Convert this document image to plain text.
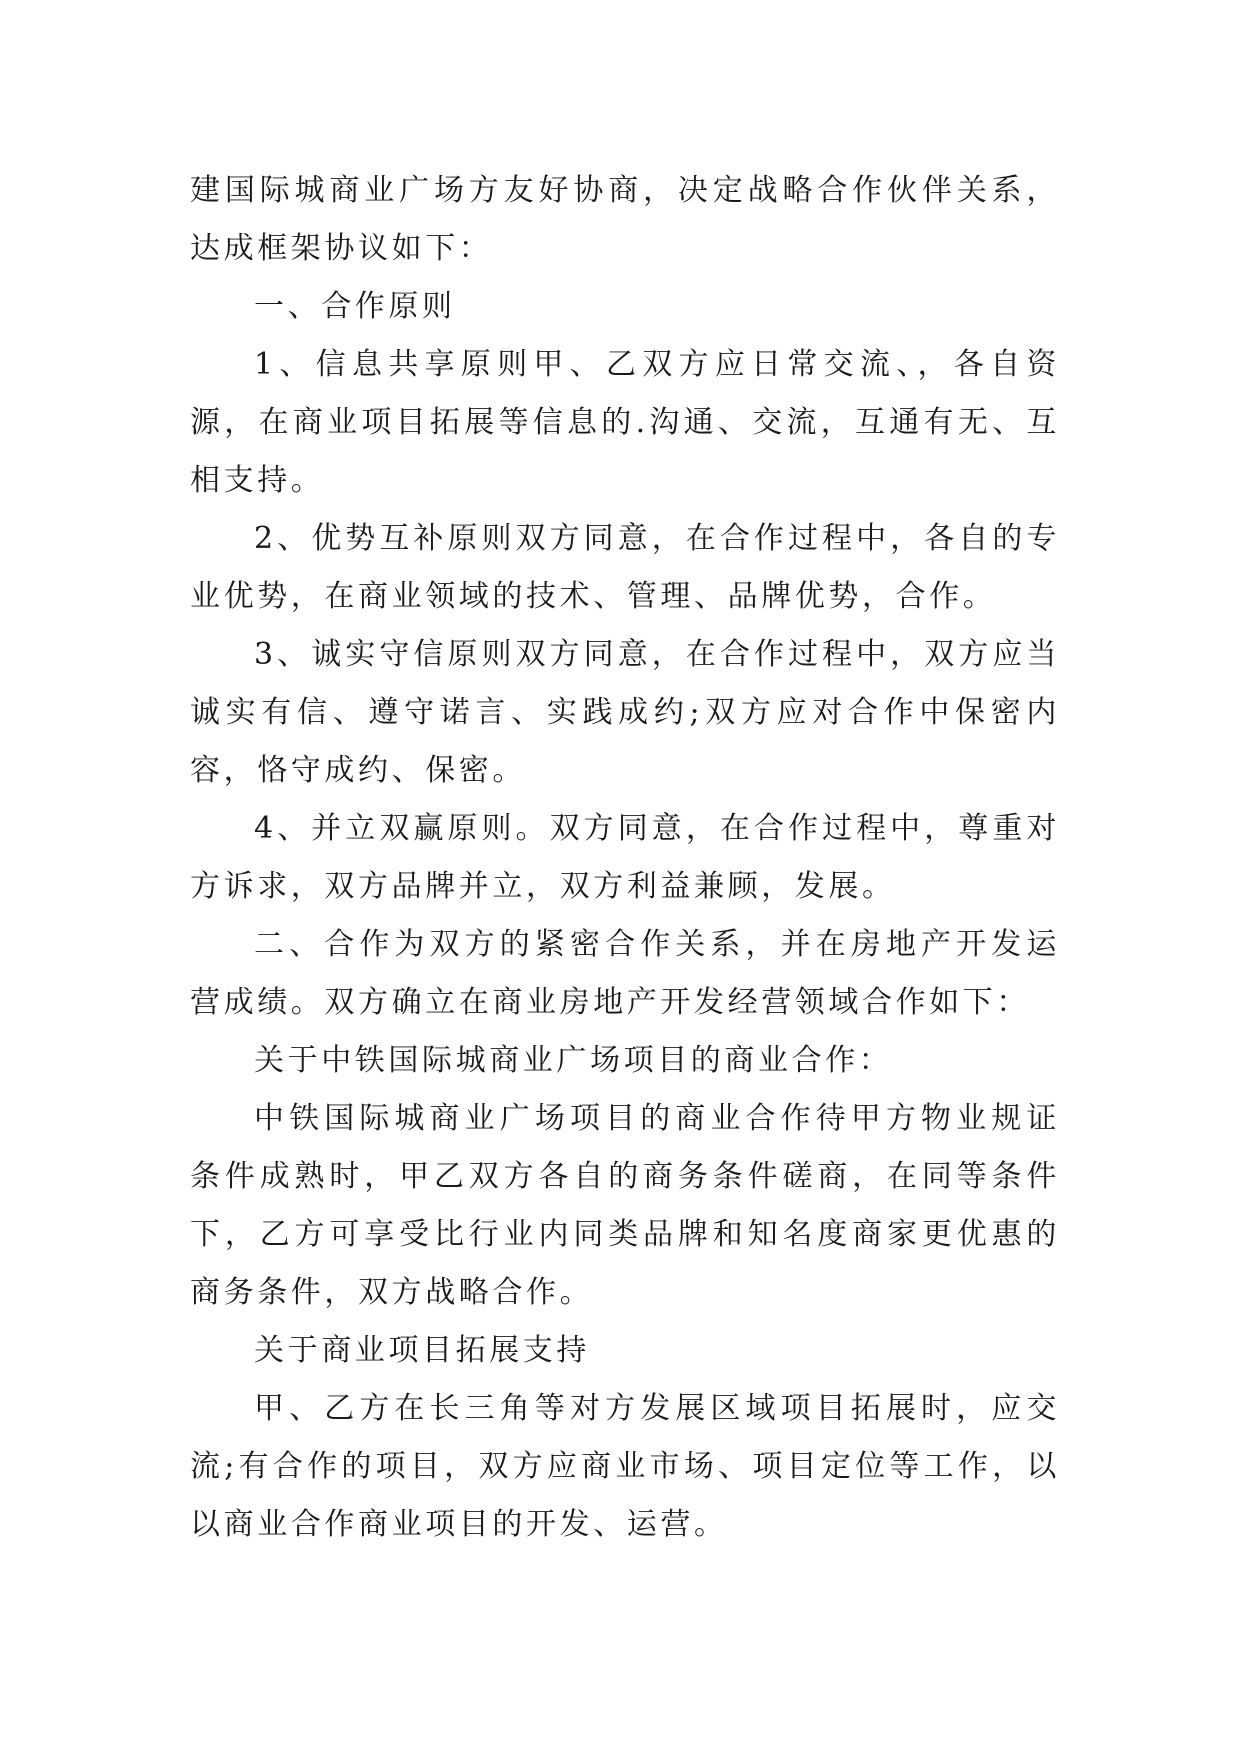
建国际城商业广场方友好协商，决定战略合作伙伴关系，达成框架协议如下：

一、合作原则

1、信息共享原则甲、乙双方应日常交流、，各自资源，在商业项目拓展等信息的.沟通、交流，互通有无、互相支持。

2、优势互补原则双方同意，在合作过程中，各自的专业优势，在商业领域的技术、管理、品牌优势，合作。

3、诚实守信原则双方同意，在合作过程中，双方应当诚实有信、遵守诺言、实践成约;双方应对合作中保密内容，恪守成约、保密。

4、并立双赢原则。双方同意，在合作过程中，尊重对方诉求，双方品牌并立，双方利益兼顾，发展。

二、合作为双方的紧密合作关系，并在房地产开发运营成绩。双方确立在商业房地产开发经营领域合作如下：

关于中铁国际城商业广场项目的商业合作：

中铁国际城商业广场项目的商业合作待甲方物业规证条件成熟时，甲乙双方各自的商务条件磋商，在同等条件下，乙方可享受比行业内同类品牌和知名度商家更优惠的商务条件，双方战略合作。

关于商业项目拓展支持

甲、乙方在长三角等对方发展区域项目拓展时，应交流;有合作的项目，双方应商业市场、项目定位等工作，以以商业合作商业项目的开发、运营。
